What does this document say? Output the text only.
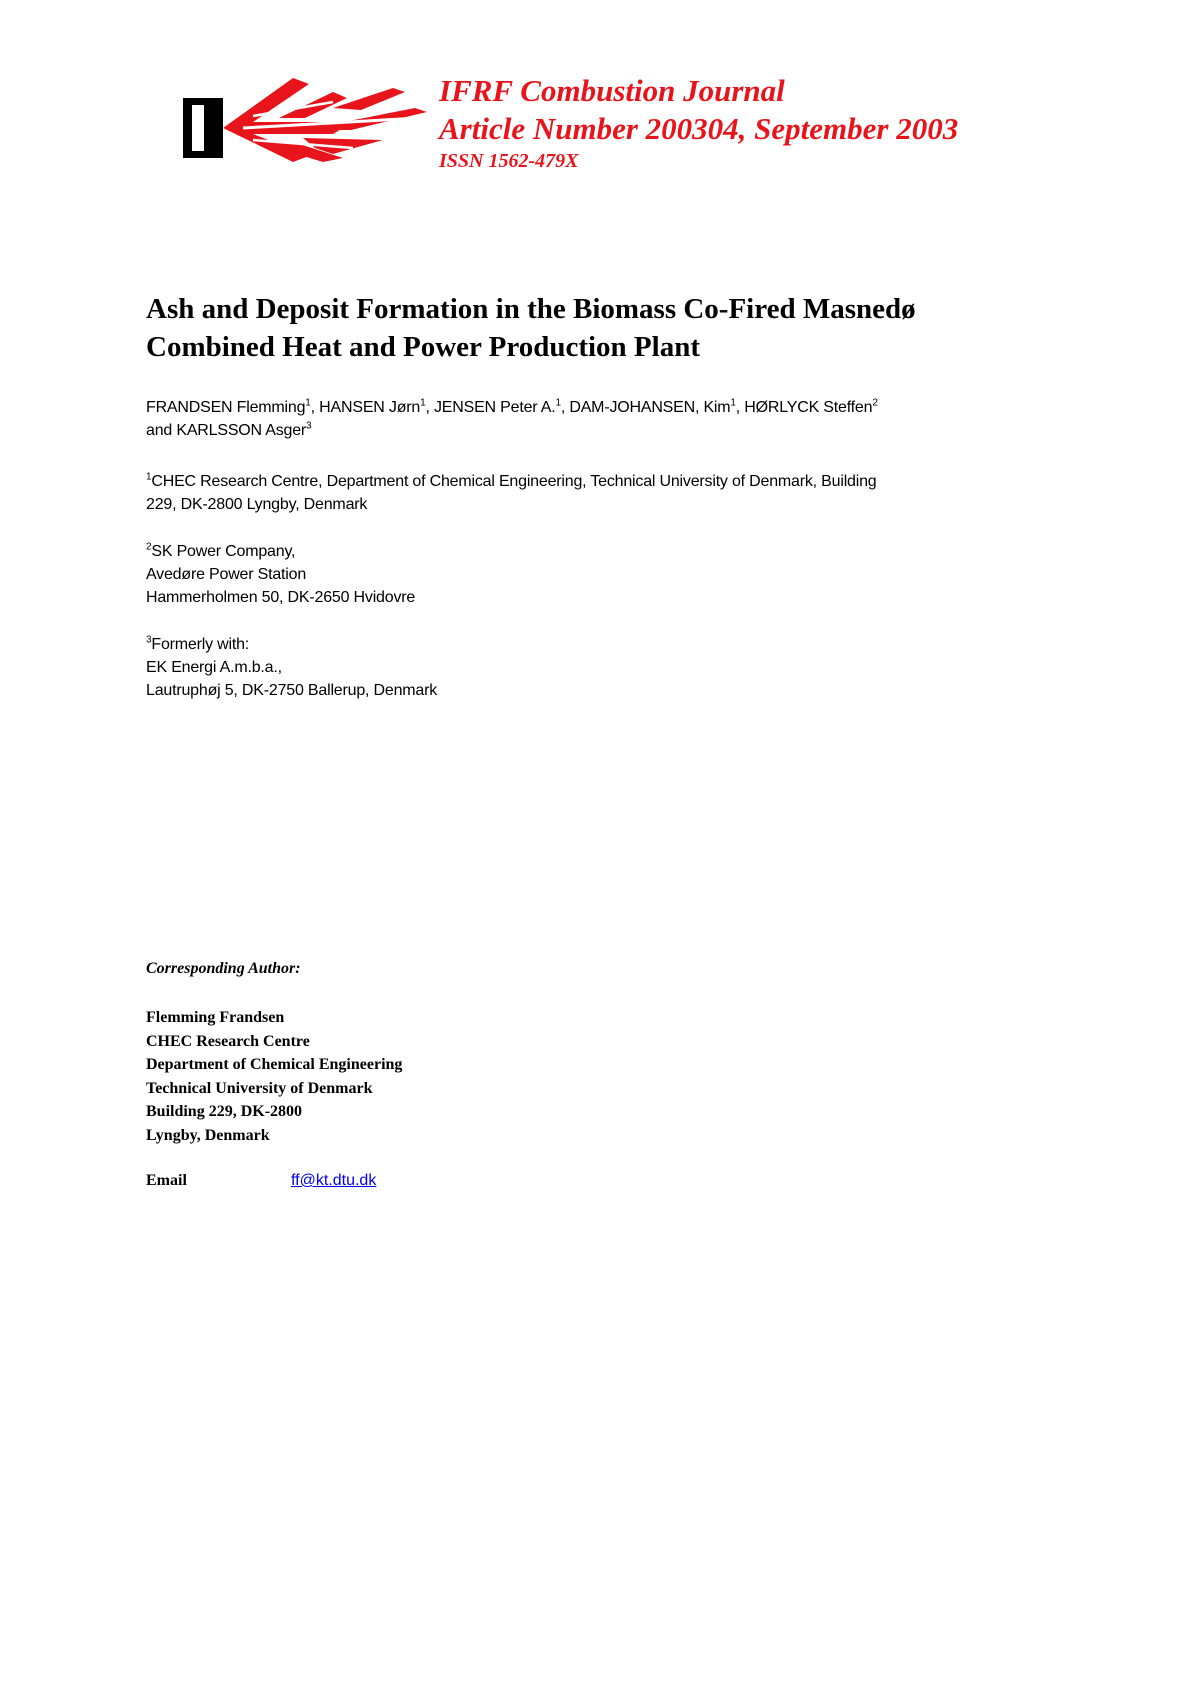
IFRF Combustion Journal
Article Number 200304, September 2003
ISSN 1562-479X
Ash and Deposit Formation in the Biomass Co-Fired Masnedø
Combined Heat and Power Production Plant
FRANDSEN Flemming$^1$, HANSEN Jørn$^1$, JENSEN Peter A.$^1$, DAM-JOHANSEN, Kim$^1$, HØRLYCK Steffen$^2$
and KARLSSON Asger$^3$
$^1$CHEC Research Centre, Department of Chemical Engineering, Technical University of Denmark, Building
229, DK-2800 Lyngby, Denmark
$^2$SK Power Company,
Avedøre Power Station
Hammerholmen 50, DK-2650 Hvidovre
$^3$Formerly with:
EK Energi A.m.b.a.,
Lautruphøj 5, DK-2750 Ballerup, Denmark
Corresponding Author:
Flemming Frandsen
CHEC Research Centre
Department of Chemical Engineering
Technical University of Denmark
Building 229, DK-2800
Lyngby, Denmark
Email	ff@kt.dtu.dk
